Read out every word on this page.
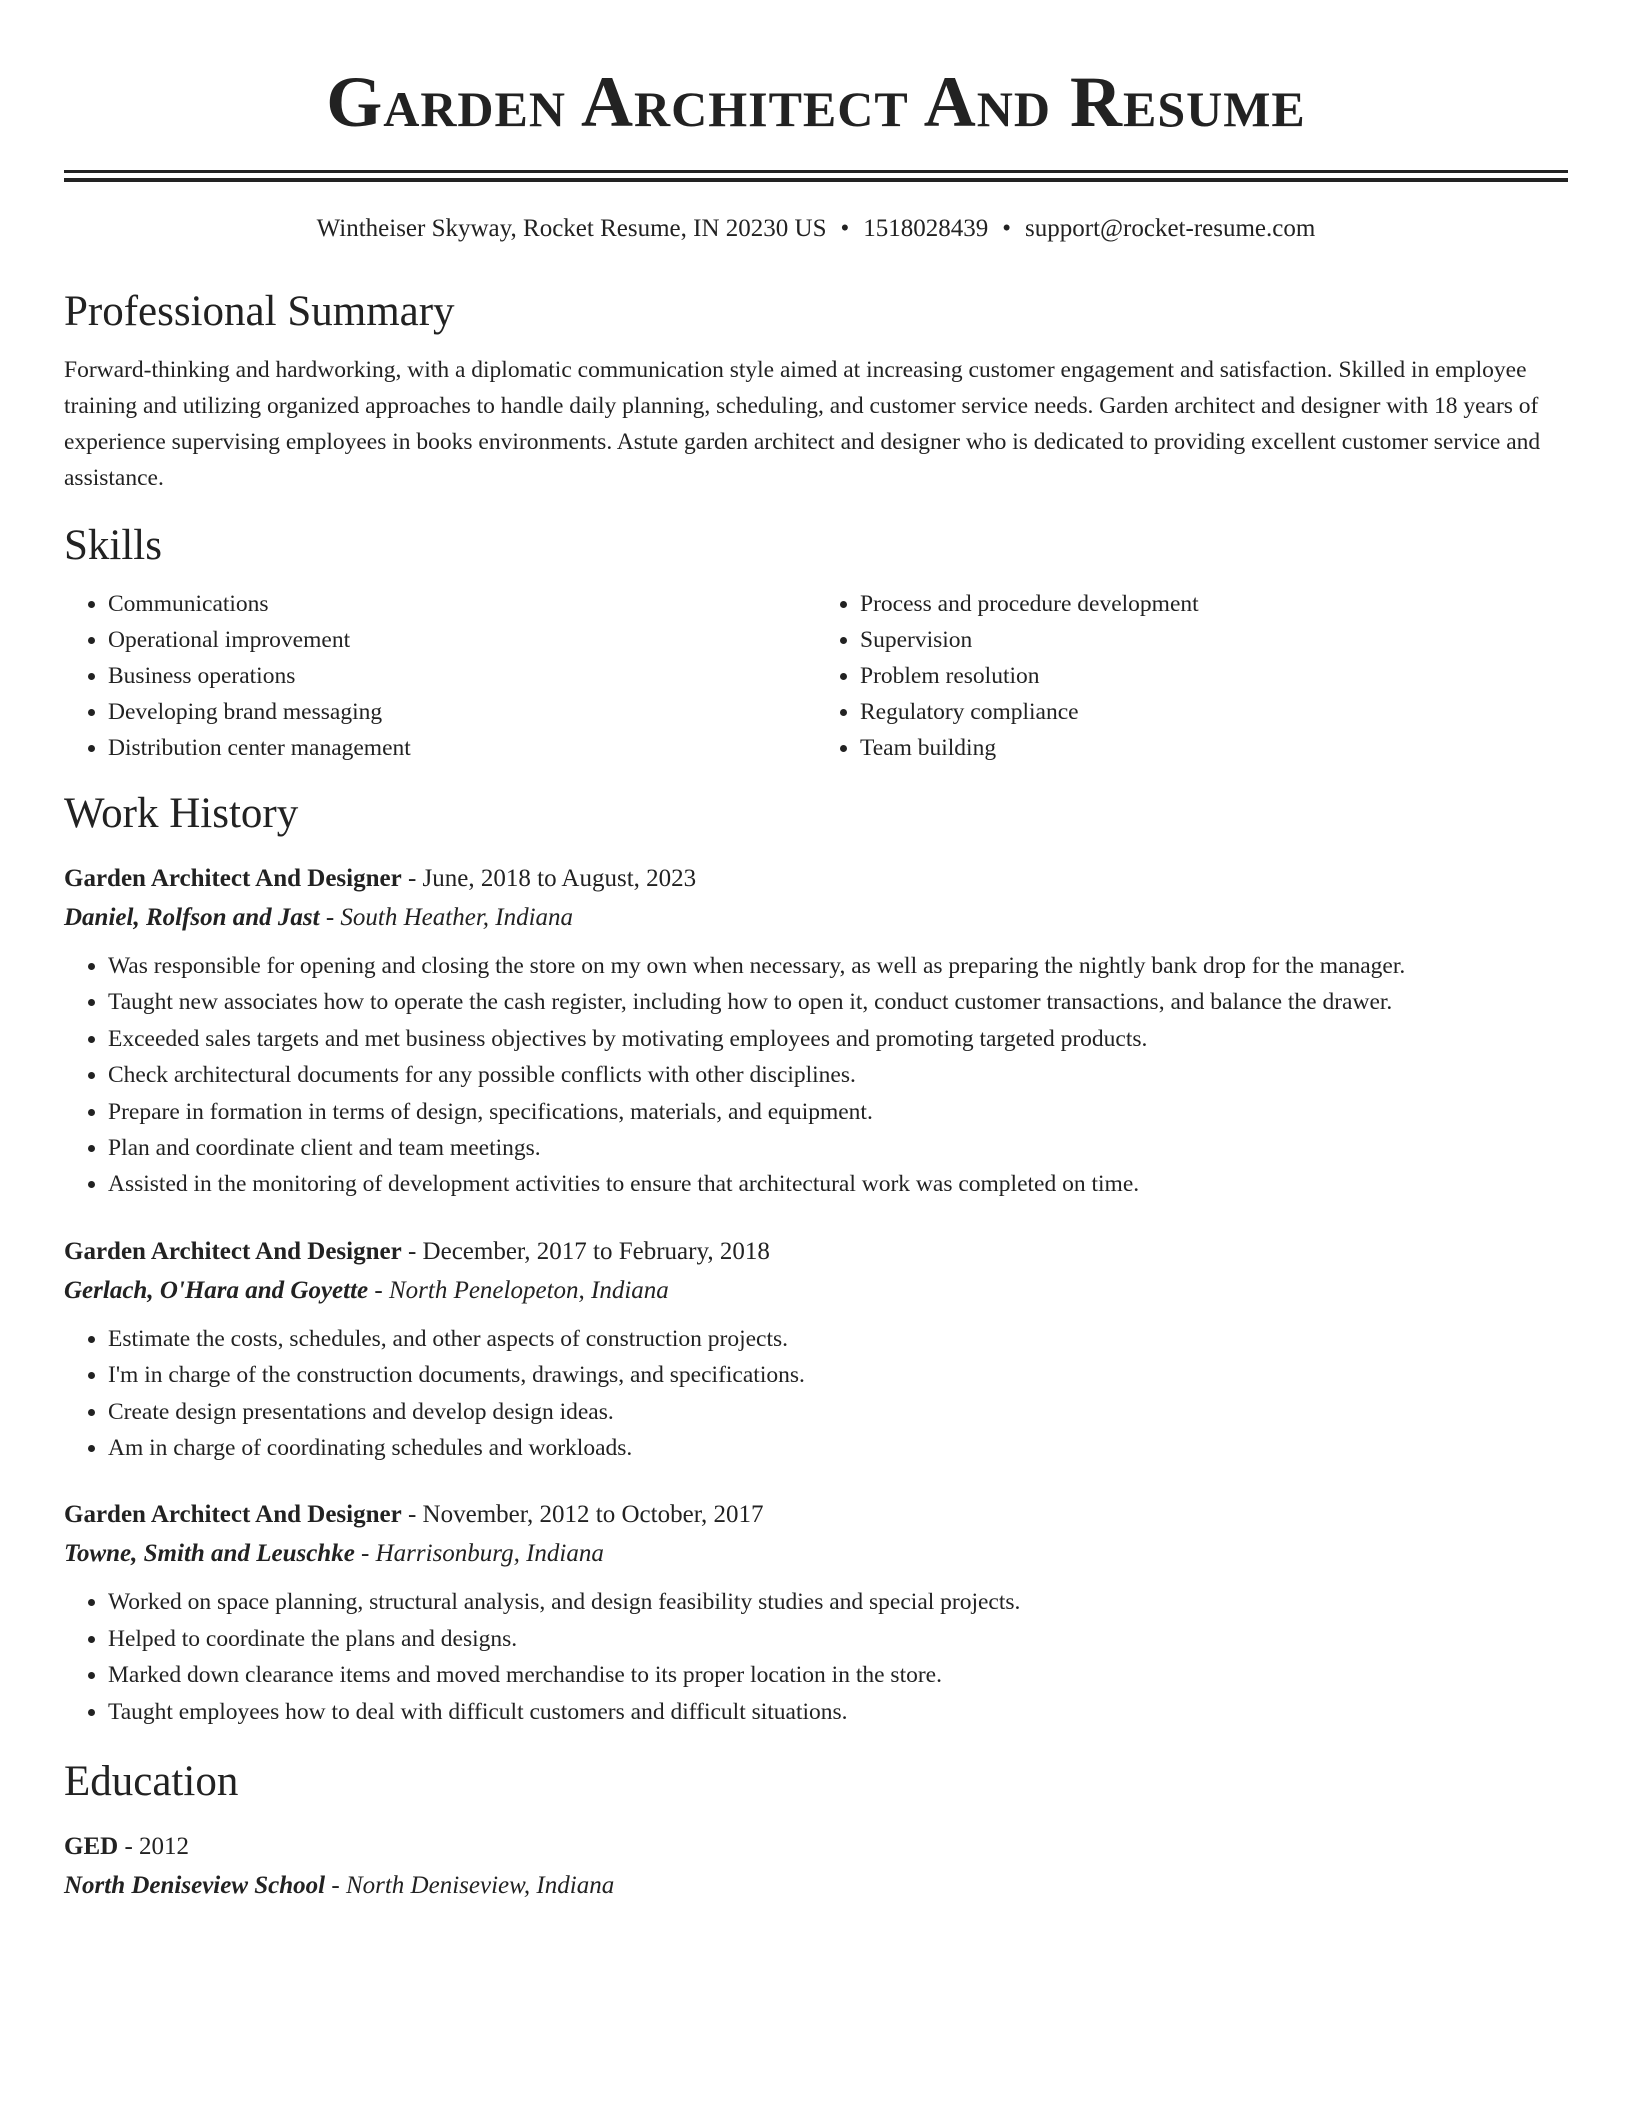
Garden Architect And Resume
Wintheiser Skyway, Rocket Resume, IN 20230 US • 1518028439 • support@rocket-resume.com
Professional Summary
Forward-thinking and hardworking, with a diplomatic communication style aimed at increasing customer engagement and satisfaction. Skilled in employee training and utilizing organized approaches to handle daily planning, scheduling, and customer service needs. Garden architect and designer with 18 years of experience supervising employees in books environments. Astute garden architect and designer who is dedicated to providing excellent customer service and assistance.
Skills
• Communications
• Operational improvement
• Business operations
• Developing brand messaging
• Distribution center management
• Process and procedure development
• Supervision
• Problem resolution
• Regulatory compliance
• Team building
Work History
Garden Architect And Designer - June, 2018 to August, 2023
Daniel, Rolfson and Jast - South Heather, Indiana
• Was responsible for opening and closing the store on my own when necessary, as well as preparing the nightly bank drop for the manager.
• Taught new associates how to operate the cash register, including how to open it, conduct customer transactions, and balance the drawer.
• Exceeded sales targets and met business objectives by motivating employees and promoting targeted products.
• Check architectural documents for any possible conflicts with other disciplines.
• Prepare in formation in terms of design, specifications, materials, and equipment.
• Plan and coordinate client and team meetings.
• Assisted in the monitoring of development activities to ensure that architectural work was completed on time.
Garden Architect And Designer - December, 2017 to February, 2018
Gerlach, O'Hara and Goyette - North Penelopeton, Indiana
• Estimate the costs, schedules, and other aspects of construction projects.
• I'm in charge of the construction documents, drawings, and specifications.
• Create design presentations and develop design ideas.
• Am in charge of coordinating schedules and workloads.
Garden Architect And Designer - November, 2012 to October, 2017
Towne, Smith and Leuschke - Harrisonburg, Indiana
• Worked on space planning, structural analysis, and design feasibility studies and special projects.
• Helped to coordinate the plans and designs.
• Marked down clearance items and moved merchandise to its proper location in the store.
• Taught employees how to deal with difficult customers and difficult situations.
Education
GED - 2012
North Deniseview School - North Deniseview, Indiana
